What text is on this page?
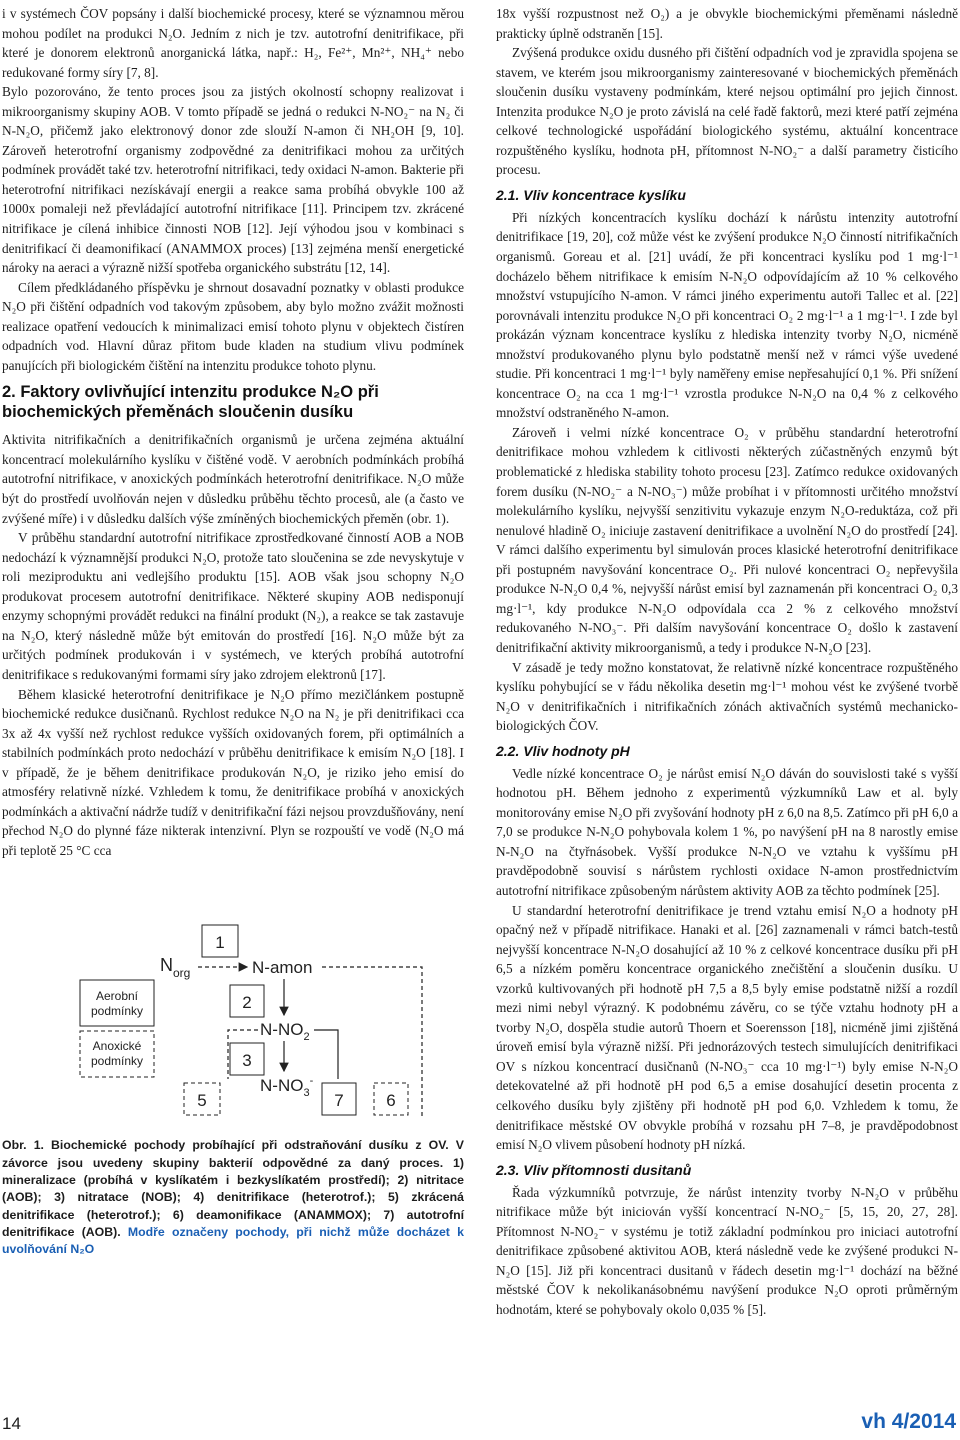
i v systémech ČOV popsány i další biochemické procesy, které se významnou měrou mohou podílet na produkci N₂O. Jedním z nich je tzv. autotrofní denitrifikace, při které je donorem elektronů anorganická látka, např.: H₂, Fe²⁺, Mn²⁺, NH₄⁺ nebo redukované formy síry [7, 8].

Bylo pozorováno, že tento proces jsou za jistých okolností schopny realizovat i mikroorganismy skupiny AOB. V tomto případě se jedná o redukci N-NO₂⁻ na N₂ či N-N₂O, přičemž jako elektronový donor zde slouží N-amon či NH₂OH [9, 10]. Zároveň heterotrofní organismy zodpovědné za denitrifikaci mohou za určitých podmínek provádět také tzv. heterotrofní nitrifikaci, tedy oxidaci N-amon. Bakterie při heterotrofní nitrifikaci nezískávají energii a reakce sama probíhá obvykle 100 až 1000x pomaleji než převládající autotrofní nitrifikace [11]. Principem tzv. zkrácené nitrifikace je cílená inhibice činnosti NOB [12]. Její výhodou jsou v kombinaci s denitrifikací či deamonifikací (ANAMMOX proces) [13] zejména menší energetické nároky na aeraci a výrazně nižší spotřeba organického substrátu [12, 14].

Cílem předkládaného příspěvku je shrnout dosavadní poznatky v oblasti produkce N₂O při čištění odpadních vod takovým způsobem, aby bylo možno zvážit možnosti realizace opatření vedoucích k minimalizaci emisí tohoto plynu v objektech čistíren odpadních vod. Hlavní důraz přitom bude kladen na studium vlivu podmínek panujících při biologickém čištění na intenzitu produkce tohoto plynu.

2. Faktory ovlivňující intenzitu produkce N₂O při biochemických přeměnách sloučenin dusíku

Aktivita nitrifikačních a denitrifikačních organismů je určena zejména aktuální koncentrací molekulárního kyslíku v čištěné vodě. V aerobních podmínkách probíhá autotrofní nitrifikace, v anoxických podmínkách heterotrofní denitrifikace. N₂O může být do prostředí uvolňován nejen v důsledku průběhu těchto procesů, ale (a často ve zvýšené míře) i v důsledku dalších výše zmíněných biochemických přeměn (obr. 1).

V průběhu standardní autotrofní nitrifikace zprostředkované činností AOB a NOB nedochází k významnější produkci N₂O, protože tato sloučenina se zde nevyskytuje v roli meziproduktu ani vedlejšího produktu [15]. AOB však jsou schopny N₂O produkovat procesem autotrofní denitrifikace. Některé skupiny AOB nedisponují enzymy schopnými provádět redukci na finální produkt (N₂), a reakce se tak zastavuje na N₂O, který následně může být emitován do prostředí [16]. N₂O může být za určitých podmínek produkován i v systémech, ve kterých probíhá autotrofní denitrifikace s redukovanými formami síry jako zdrojem elektronů [17].

Během klasické heterotrofní denitrifikace je N₂O přímo mezičlánkem postupně biochemické redukce dusičnanů. Rychlost redukce N₂O na N₂ je při denitrifikaci cca 3x až 4x vyšší než rychlost redukce vyšších oxidovaných forem, při optimálních a stabilních podmínkách proto nedochází v průběhu denitrifikace k emisím N₂O [18]. I v případě, že je během denitrifikace produkován N₂O, je riziko jeho emisí do atmosféry relativně nízké. Vzhledem k tomu, že denitrifikace probíhá v anoxických podmínkách a aktivační nádrže tudíž v denitrifikační fázi nejsou provzdušňovány, není přechod N₂O do plynné fáze nikterak intenzivní. Plyn se rozpouští ve vodě (N₂O má při teplotě 25 °C cca

Aerobní
podmínky
Anoxické
podmínky
$N_{org}$
1
N-amon
2
$N-NO_2$
3
$N-NO_3^-$
5	7	6
Obr. 1. Biochemické pochody probíhající při odstraňování dusíku z OV. V závorce jsou uvedeny skupiny bakterií odpovědné za daný proces. 1) mineralizace (probíhá v kyslíkatém i bezkyslíkatém prostředí); 2) nitritace (AOB); 3) nitratace (NOB); 4) denitrifikace (heterotrof.); 5) zkrácená denitrifikace (heterotrof.); 6) deamonifikace (ANAMMOX); 7) autotrofní denitrifikace (AOB). Modře označeny pochody, při nichž může docházet k uvolňování N₂O

18x vyšší rozpustnost než O₂) a je obvykle biochemickými přeměnami následně prakticky úplně odstraněn [15].

Zvýšená produkce oxidu dusného při čištění odpadních vod je zpravidla spojena se stavem, ve kterém jsou mikroorganismy zainteresované v biochemických přeměnách sloučenin dusíku vystaveny podmínkám, které nejsou optimální pro jejich činnost. Intenzita produkce N₂O je proto závislá na celé řadě faktorů, mezi které patří zejména celkové technologické uspořádání biologického systému, aktuální koncentrace rozpuštěného kyslíku, hodnota pH, přítomnost N-NO₂⁻ a další parametry čisticího procesu.

2.1. Vliv koncentrace kyslíku

Při nízkých koncentracích kyslíku dochází k nárůstu intenzity autotrofní denitrifikace [19, 20], což může vést ke zvýšení produkce N₂O činností nitrifikačních organismů. Goreau et al. [21] uvádí, že při koncentraci kyslíku pod 1 mg·l⁻¹ docházelo během nitrifikace k emisím N-N₂O odpovídajícím až 10 % celkového množství vstupujícího N-amon. V rámci jiného experimentu autoři Tallec et al. [22] porovnávali intenzitu produkce N₂O při koncentraci O₂ 2 mg·l⁻¹ a 1 mg·l⁻¹. I zde byl prokázán význam koncentrace kyslíku z hlediska intenzity tvorby N₂O, nicméně množství produkovaného plynu bylo podstatně menší než v rámci výše uvedené studie. Při koncentraci 1 mg·l⁻¹ byly naměřeny emise nepřesahující 0,1 %. Při snížení koncentrace O₂ na cca 1 mg·l⁻¹ vzrostla produkce N-N₂O na 0,4 % z celkového množství odstraněného N-amon.

Zároveň i velmi nízké koncentrace O₂ v průběhu standardní heterotrofní denitrifikace mohou vzhledem k citlivosti některých zúčastněných enzymů být problematické z hlediska stability tohoto procesu [23]. Zatímco redukce oxidovaných forem dusíku (N-NO₂⁻ a N-NO₃⁻) může probíhat i v přítomnosti určitého množství molekulárního kyslíku, nejvyšší senzitivitu vykazuje enzym N₂O-reduktáza, což při nenulové hladině O₂ iniciuje zastavení denitrifikace a uvolnění N₂O do prostředí [24]. V rámci dalšího experimentu byl simulován proces klasické heterotrofní denitrifikace při postupném navyšování koncentrace O₂. Při nulové koncentraci O₂ nepřevyšila produkce N-N₂O 0,4 %, nejvyšší nárůst emisí byl zaznamenán při koncentraci O₂ 0,3 mg·l⁻¹, kdy produkce N-N₂O odpovídala cca 2 % z celkového množství redukovaného N-NO₃⁻. Při dalším navyšování koncentrace O₂ došlo k zastavení denitrifikační aktivity mikroorganismů, a tedy i produkce N-N₂O [23].

V zásadě je tedy možno konstatovat, že relativně nízké koncentrace rozpuštěného kyslíku pohybující se v řádu několika desetin mg·l⁻¹ mohou vést ke zvýšené tvorbě N₂O v denitrifikačních i nitrifikačních zónách aktivačních systémů mechanicko-biologických ČOV.

2.2. Vliv hodnoty pH

Vedle nízké koncentrace O₂ je nárůst emisí N₂O dáván do souvislosti také s vyšší hodnotou pH. Během jednoho z experimentů výzkumníků Law et al. byly monitorovány emise N₂O při zvyšování hodnoty pH z 6,0 na 8,5. Zatímco při pH 6,0 a 7,0 se produkce N-N₂O pohybovala kolem 1 %, po navýšení pH na 8 narostly emise N-N₂O na čtyřnásobek. Vyšší produkce N-N₂O ve vztahu k vyššímu pH pravděpodobně souvisí s nárůstem rychlosti oxidace N-amon prostřednictvím autotrofní nitrifikace způsobeným nárůstem aktivity AOB za těchto podmínek [25].

U standardní heterotrofní denitrifikace je trend vztahu emisí N₂O a hodnoty pH opačný než v případě nitrifikace. Hanaki et al. [26] zaznamenali v rámci batch-testů nejvyšší koncentrace N-N₂O dosahující až 10 % z celkové koncentrace dusíku při pH 6,5 a nízkém poměru koncentrace organického znečištění a sloučenin dusíku. U vzorků kultivovaných při hodnotě pH 7,5 a 8,5 byly emise podstatně nižší a rozdíl mezi nimi nebyl výrazný. K podobnému závěru, co se týče vztahu hodnoty pH a tvorby N₂O, dospěla studie autorů Thoern et Soerensson [18], nicméně jimi zjištěná úroveň emisí byla výrazně nižší. Při jednorázových testech simulujících denitrifikaci OV s nízkou koncentrací dusičnanů (N-NO₃⁻ cca 10 mg·l⁻¹) byly emise N-N₂O detekovatelné až při hodnotě pH pod 6,5 a emise dosahující desetin procenta z celkového dusíku byly zjištěny při hodnotě pH pod 6,0. Vzhledem k tomu, že denitrifikace městské OV obvykle probíhá v rozsahu pH 7–8, je pravděpodobnost emisí N₂O vlivem působení hodnoty pH nízká.

2.3. Vliv přítomnosti dusitanů

Řada výzkumníků potvrzuje, že nárůst intenzity tvorby N-N₂O v průběhu nitrifikace může být iniciován vyšší koncentrací N-NO₂⁻ [5, 15, 20, 27, 28]. Přítomnost N-NO₂⁻ v systému je totiž základní podmínkou pro iniciaci autotrofní denitrifikace způsobené aktivitou AOB, která následně vede ke zvýšené produkci N-N₂O [15]. Již při koncentraci dusitanů v řádech desetin mg·l⁻¹ dochází na běžné městské ČOV k nekolikanásobnému navýšení produkce N₂O oproti průměrným hodnotám, které se pohybovaly okolo 0,035 % [5].

14	vh 4/2014
